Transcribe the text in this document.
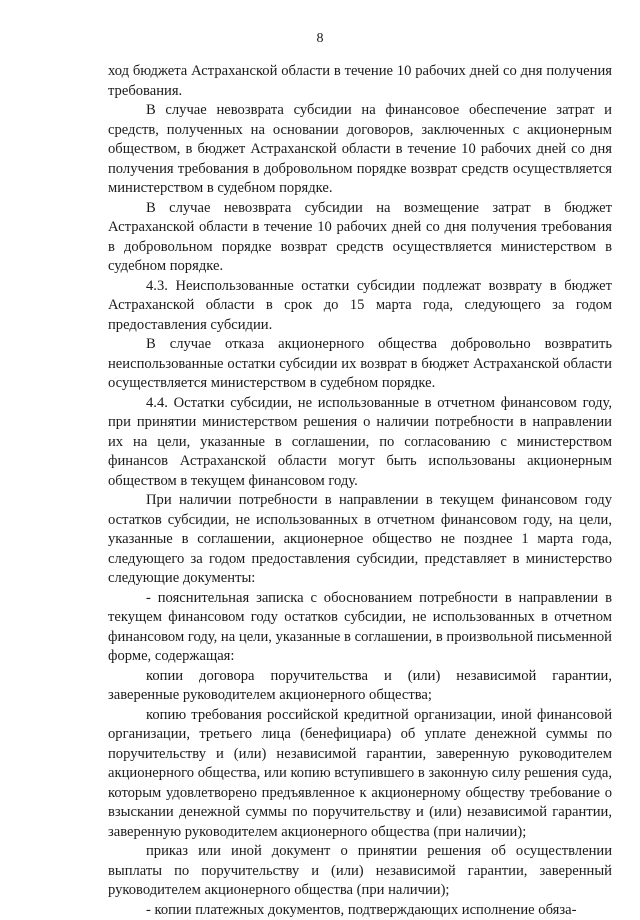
8

ход бюджета Астраханской области в течение 10 рабочих дней со дня получения требования.

В случае невозврата субсидии на финансовое обеспечение затрат и средств, полученных на основании договоров, заключенных с акционерным обществом, в бюджет Астраханской области в течение 10 рабочих дней со дня получения требования в добровольном порядке возврат средств осуществляется министерством в судебном порядке.

В случае невозврата субсидии на возмещение затрат в бюджет Астраханской области в течение 10 рабочих дней со дня получения требования в добровольном порядке возврат средств осуществляется министерством в судебном порядке.

4.3. Неиспользованные остатки субсидии подлежат возврату в бюджет Астраханской области в срок до 15 марта года, следующего за годом предоставления субсидии.

В случае отказа акционерного общества добровольно возвратить неиспользованные остатки субсидии их возврат в бюджет Астраханской области осуществляется министерством в судебном порядке.

4.4. Остатки субсидии, не использованные в отчетном финансовом году, при принятии министерством решения о наличии потребности в направлении их на цели, указанные в соглашении, по согласованию с министерством финансов Астраханской области могут быть использованы акционерным обществом в текущем финансовом году.

При наличии потребности в направлении в текущем финансовом году остатков субсидии, не использованных в отчетном финансовом году, на цели, указанные в соглашении, акционерное общество не позднее 1 марта года, следующего за годом предоставления субсидии, представляет в министерство следующие документы:

- пояснительная записка с обоснованием потребности в направлении в текущем финансовом году остатков субсидии, не использованных в отчетном финансовом году, на цели, указанные в соглашении, в произвольной письменной форме, содержащая:

копии договора поручительства и (или) независимой гарантии, заверенные руководителем акционерного общества;

копию требования российской кредитной организации, иной финансовой организации, третьего лица (бенефициара) об уплате денежной суммы по поручительству и (или) независимой гарантии, заверенную руководителем акционерного общества, или копию вступившего в законную силу решения суда, которым удовлетворено предъявленное к акционерному обществу требование о взыскании денежной суммы по поручительству и (или) независимой гарантии, заверенную руководителем акционерного общества (при наличии);

приказ или иной документ о принятии решения об осуществлении выплаты по поручительству и (или) независимой гарантии, заверенный руководителем акционерного общества (при наличии);

- копии платежных документов, подтверждающих исполнение обяза-
